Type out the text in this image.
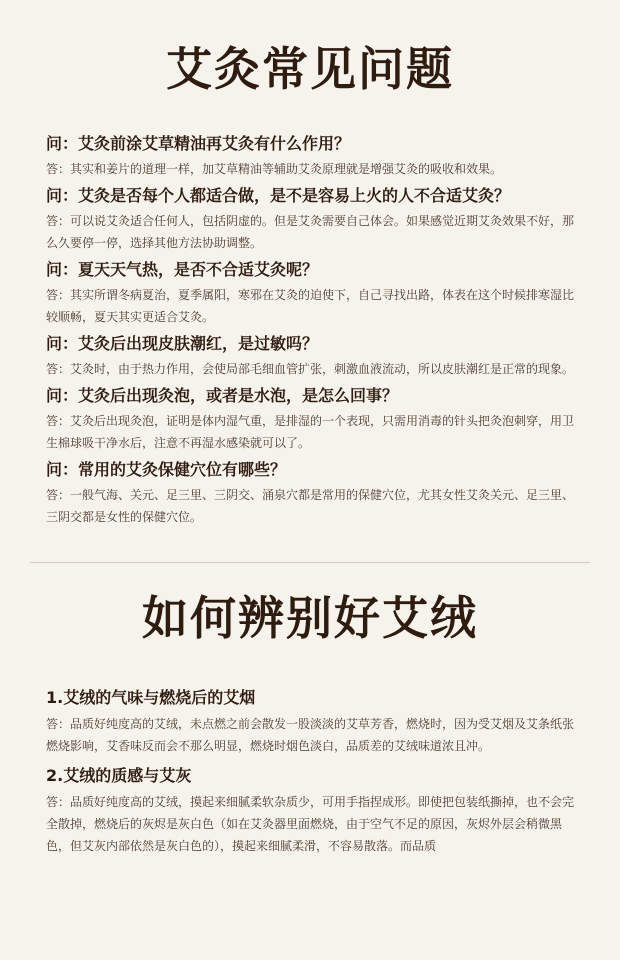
艾灸常见问题

问：艾灸前涂艾草精油再艾灸有什么作用？

答：其实和姜片的道理一样，加艾草精油等辅助艾灸原理就是增强艾灸的吸收和效果。

问：艾灸是否每个人都适合做，是不是容易上火的人不合适艾灸？

答：可以说艾灸适合任何人，包括阴虚的。但是艾灸需要自己体会。如果感觉近期艾灸效果不好，那么久要停一停，选择其他方法协助调整。

问：夏天天气热，是否不合适艾灸呢？

答：其实所谓冬病夏治，夏季属阳，寒邪在艾灸的迫使下，自己寻找出路，体表在这个时候排寒湿比较顺畅，夏天其实更适合艾灸。

问：艾灸后出现皮肤潮红，是过敏吗？

答：艾灸时，由于热力作用，会使局部毛细血管扩张，刺激血液流动，所以皮肤潮红是正常的现象。

问：艾灸后出现灸泡，或者是水泡，是怎么回事？

答：艾灸后出现灸泡，证明是体内湿气重，是排湿的一个表现，只需用消毒的针头把灸泡刺穿，用卫生棉球吸干净水后，注意不再湿水感染就可以了。

问：常用的艾灸保健穴位有哪些？

答：一般气海、关元、足三里、三阴交、涌泉穴都是常用的保健穴位，尤其女性艾灸关元、足三里、三阴交都是女性的保健穴位。

如何辨别好艾绒

1.艾绒的气味与燃烧后的艾烟

答：品质好纯度高的艾绒，未点燃之前会散发一股淡淡的艾草芳香，燃烧时，因为受艾烟及艾条纸张燃烧影响，艾香味反而会不那么明显，燃烧时烟色淡白，品质差的艾绒味道浓且冲。

2.艾绒的质感与艾灰

答：品质好纯度高的艾绒，摸起来细腻柔软杂质少，可用手指捏成形。即使把包装纸撕掉，也不会完全散掉，燃烧后的灰烬是灰白色（如在艾灸器里面燃烧，由于空气不足的原因，灰烬外层会稍微黑色，但艾灰内部依然是灰白色的），摸起来细腻柔滑，不容易散落。而品质
